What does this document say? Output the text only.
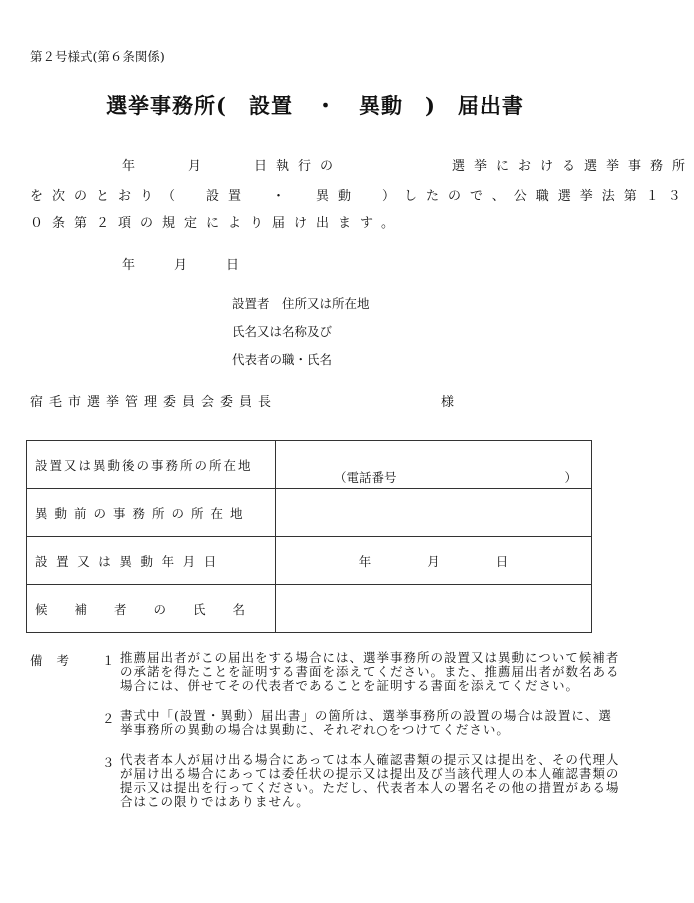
第２号様式(第６条関係)
選挙事務所(　設置　・　異動　)　届出書
年　　月　　日執行の　　　　　選挙における選挙事務所
を次のとおり（　設置　・　異動　）したので、公職選挙法第１３
０条第２項の規定により届け出ます。
年　　　月　　　日
設置者　住所又は所在地
氏名又は名称及び
代表者の職・氏名
宿毛市選挙管理委員会委員長	様
設置又は異動後の事務所の所在地	（電話番号 ）

異動前の事務所の所在地	

設置又は異動年月日	年 月 日

候補者の氏名	

備考 １ 推薦届出者がこの届出をする場合には、選挙事務所の設置又は異動について候補者の承諾を得たことを証明する書面を添えてください。また、推薦届出者が数名ある場合には、併せてその代表者であることを証明する書面を添えてください。
２ 書式中「(設置・異動）届出書」の箇所は、選挙事務所の設置の場合は設置に、選挙事務所の異動の場合は異動に、それぞれ○をつけてください。
３ 代表者本人が届け出る場合にあっては本人確認書類の提示又は提出を、その代理人が届け出る場合にあっては委任状の提示又は提出及び当該代理人の本人確認書類の提示又は提出を行ってください。ただし、代表者本人の署名その他の措置がある場合はこの限りではありません。
